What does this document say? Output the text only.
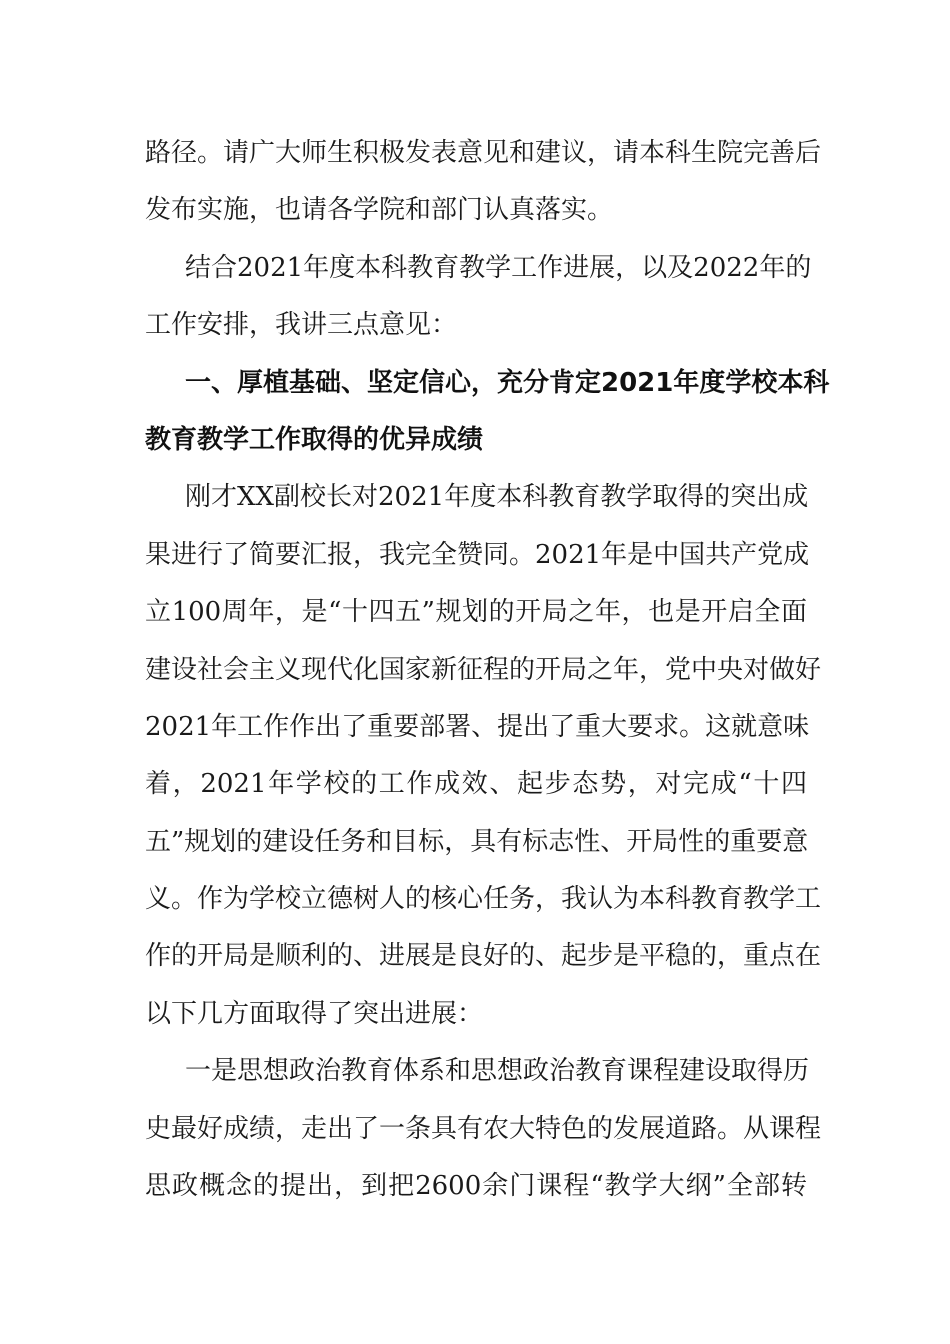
路径。请广大师生积极发表意见和建议，请本科生院完善后
发布实施，也请各学院和部门认真落实。
结合2021年度本科教育教学工作进展，以及2022年的
工作安排，我讲三点意见：
一、厚植基础、坚定信心，充分肯定2021年度学校本科
教育教学工作取得的优异成绩
刚才XX副校长对2021年度本科教育教学取得的突出成
果进行了简要汇报，我完全赞同。2021年是中国共产党成
立100周年，是“十四五”规划的开局之年，也是开启全面
建设社会主义现代化国家新征程的开局之年，党中央对做好
2021年工作作出了重要部署、提出了重大要求。这就意味
着，2021年学校的工作成效、起步态势，对完成“十四
五”规划的建设任务和目标，具有标志性、开局性的重要意
义。作为学校立德树人的核心任务，我认为本科教育教学工
作的开局是顺利的、进展是良好的、起步是平稳的，重点在
以下几方面取得了突出进展：
一是思想政治教育体系和思想政治教育课程建设取得历
史最好成绩，走出了一条具有农大特色的发展道路。从课程
思政概念的提出，到把2600余门课程“教学大纲”全部转
